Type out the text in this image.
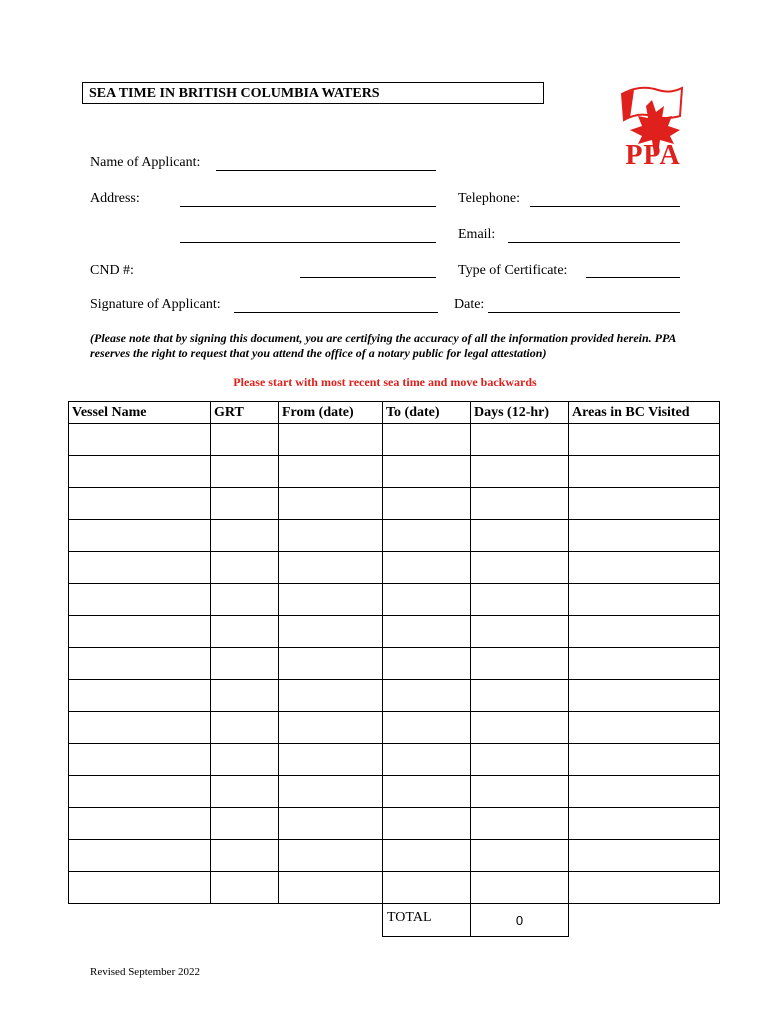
SEA TIME IN BRITISH COLUMBIA WATERS
PPA
Name of Applicant:
Address:	Telephone:
Email:
CND #:	Type of Certificate:
Signature of Applicant:	Date:
(Please note that by signing this document, you are certifying the accuracy of all the information provided herein. PPA reserves the right to request that you attend the office of a notary public for legal attestation)
Please start with most recent sea time and move backwards
Vessel Name	GRT	From (date)	To (date)	Days (12-hr)	Areas in BC Visited

			TOTAL	0	
Revised September 2022
